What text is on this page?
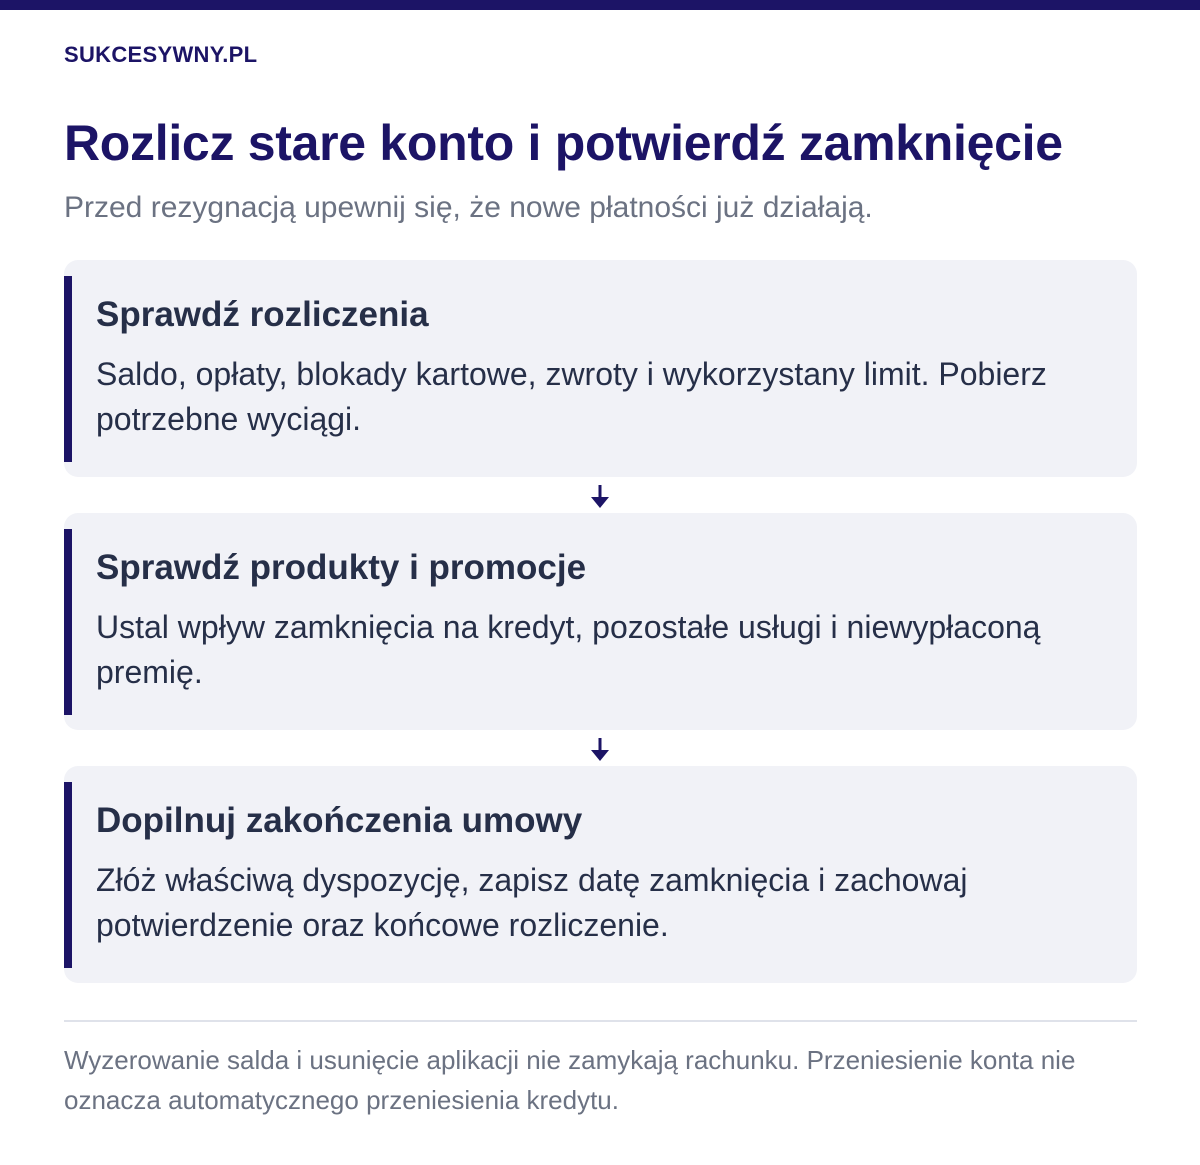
SUKCESYWNY.PL
Rozlicz stare konto i potwierdź zamknięcie
Przed rezygnacją upewnij się, że nowe płatności już działają.
Sprawdź rozliczenia
Saldo, opłaty, blokady kartowe, zwroty i wykorzystany limit. Pobierz potrzebne wyciągi.
Sprawdź produkty i promocje
Ustal wpływ zamknięcia na kredyt, pozostałe usługi i niewypłaconą premię.
Dopilnuj zakończenia umowy
Złóż właściwą dyspozycję, zapisz datę zamknięcia i zachowaj potwierdzenie oraz końcowe rozliczenie.
Wyzerowanie salda i usunięcie aplikacji nie zamykają rachunku. Przeniesienie konta nie oznacza automatycznego przeniesienia kredytu.
